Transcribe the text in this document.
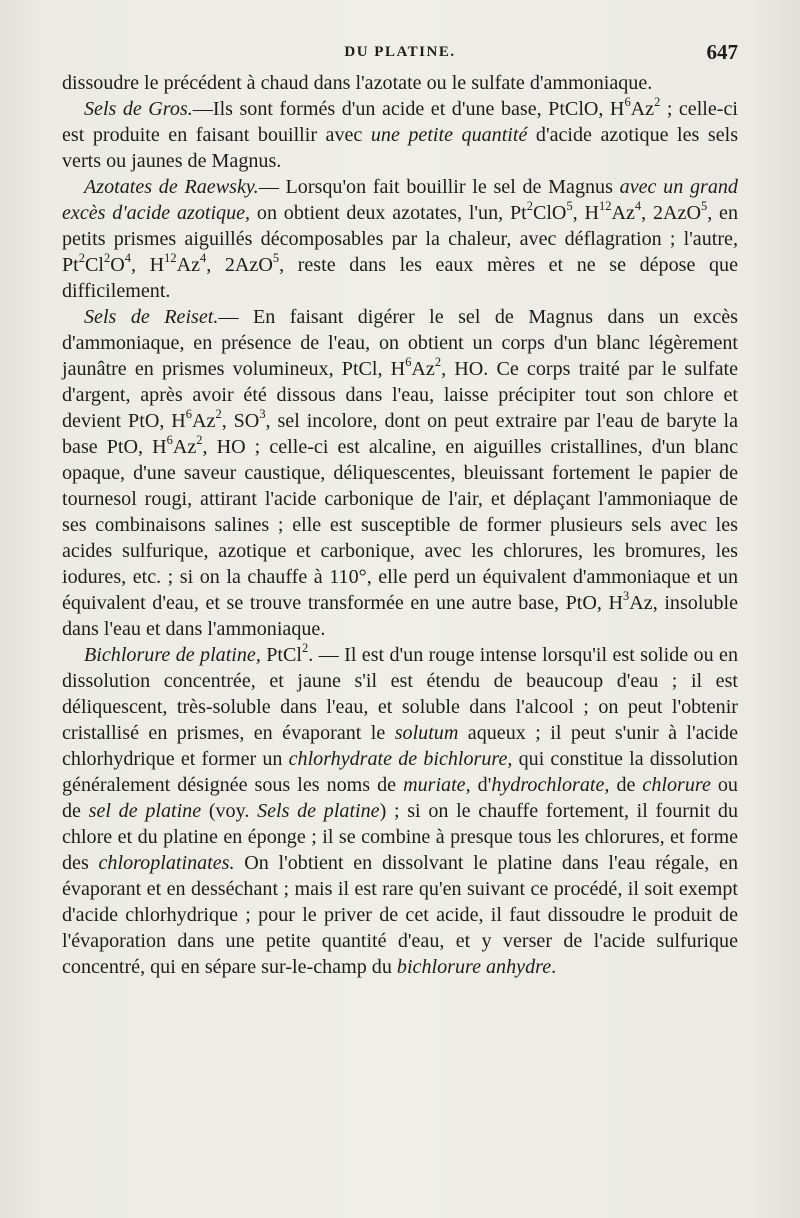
DU PLATINE.	647

dissoudre le précédent à chaud dans l'azotate ou le sulfate d'ammoniaque.

Sels de Gros.—Ils sont formés d'un acide et d'une base, PtClO, $H^6Az^2$ ; celle-ci est produite en faisant bouillir avec une petite quantité d'acide azotique les sels verts ou jaunes de Magnus.

Azotates de Raewsky.— Lorsqu'on fait bouillir le sel de Magnus avec un grand excès d'acide azotique, on obtient deux azotates, l'un, Pt$^2$ClO$^5$, $H^{12}Az^4$, 2AzO$^5$, en petits prismes aiguillés décomposables par la chaleur, avec déflagration ; l'autre, $Pt^2Cl^2O^4$, $H^{12}Az^4$, 2AzO$^5$, reste dans les eaux mères et ne se dépose que difficilement.

Sels de Reiset.— En faisant digérer le sel de Magnus dans un excès d'ammoniaque, en présence de l'eau, on obtient un corps d'un blanc légèrement jaunâtre en prismes volumineux, PtCl, $H^6Az^2$, HO. Ce corps traité par le sulfate d'argent, après avoir été dissous dans l'eau, laisse précipiter tout son chlore et devient PtO, $H^6Az^2$, $SO^3$, sel incolore, dont on peut extraire par l'eau de baryte la base PtO, $H^6Az^2$, HO ; celle-ci est alcaline, en aiguilles cristallines, d'un blanc opaque, d'une saveur caustique, déliquescentes, bleuissant fortement le papier de tournesol rougi, attirant l'acide carbonique de l'air, et déplaçant l'ammoniaque de ses combinaisons salines ; elle est susceptible de former plusieurs sels avec les acides sulfurique, azotique et carbonique, avec les chlorures, les bromures, les iodures, etc. ; si on la chauffe à 110°, elle perd un équivalent d'ammoniaque et un équivalent d'eau, et se trouve transformée en une autre base, PtO, $H^3Az$, insoluble dans l'eau et dans l'ammoniaque.

Bichlorure de platine, PtCl$^2$. — Il est d'un rouge intense lorsqu'il est solide ou en dissolution concentrée, et jaune s'il est étendu de beaucoup d'eau ; il est déliquescent, très-soluble dans l'eau, et soluble dans l'alcool ; on peut l'obtenir cristallisé en prismes, en évaporant le solutum aqueux ; il peut s'unir à l'acide chlorhydrique et former un chlorhydrate de bichlorure, qui constitue la dissolution généralement désignée sous les noms de muriate, d'hydrochlorate, de chlorure ou de sel de platine (voy. Sels de platine) ; si on le chauffe fortement, il fournit du chlore et du platine en éponge ; il se combine à presque tous les chlorures, et forme des chloroplatinates. On l'obtient en dissolvant le platine dans l'eau régale, en évaporant et en desséchant ; mais il est rare qu'en suivant ce procédé, il soit exempt d'acide chlorhydrique ; pour le priver de cet acide, il faut dissoudre le produit de l'évaporation dans une petite quantité d'eau, et y verser de l'acide sulfurique concentré, qui en sépare sur-le-champ du bichlorure anhydre.
